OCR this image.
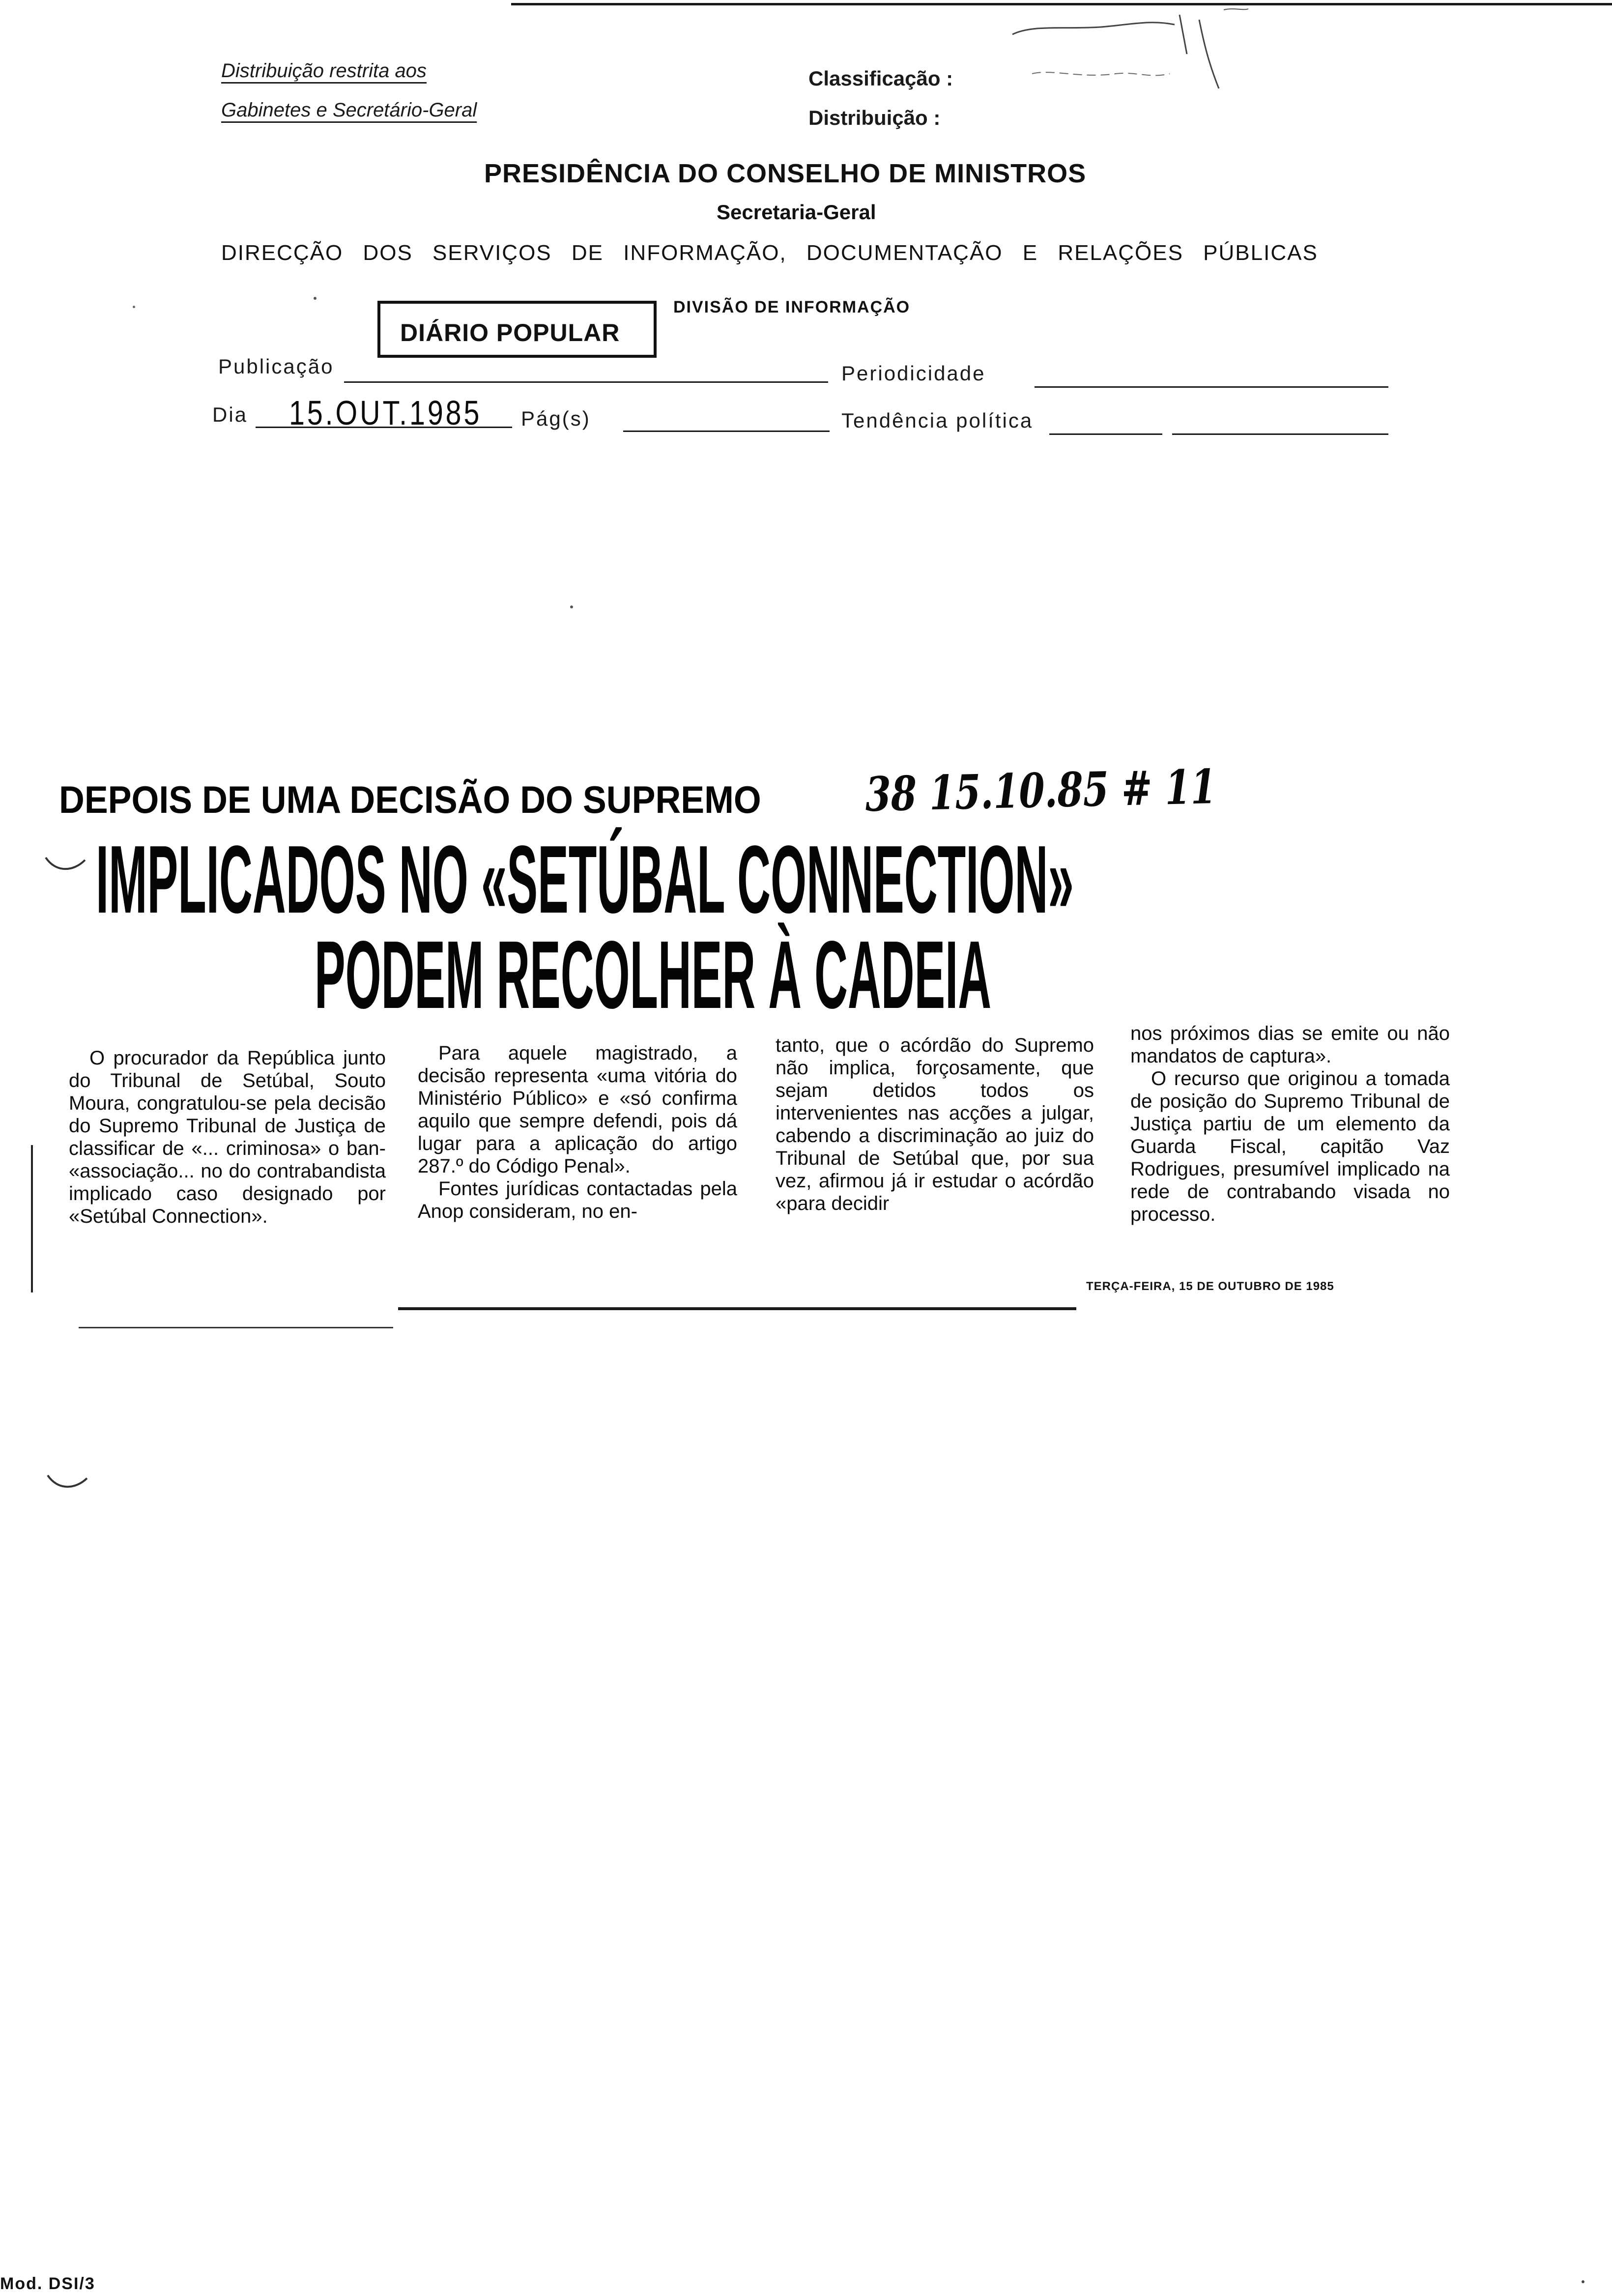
Distribuição restrita aos
Gabinetes e Secretário-Geral
Classificação :
Distribuição :
PRESIDÊNCIA DO CONSELHO DE MINISTROS
Secretaria-Geral
DIRECÇÃO DOS SERVIÇOS DE INFORMAÇÃO, DOCUMENTAÇÃO E RELAÇÕES PÚBLICAS
DIÁRIO POPULAR
DIVISÃO DE INFORMAÇÃO
Publicação	Periodicidade
Dia 15.OUT.1985 Pág(s)	Tendência política
DEPOIS DE UMA DECISÃO DO SUPREMO 38 15.10.85 # 11
IMPLICADOS NO «SETÚBAL CONNECTION»
PODEM RECOLHER À CADEIA

O procurador da República junto do Tribunal de Setúbal, Souto Moura, congratulou-se pela decisão do Supremo Tribunal de Justiça de classificar de «... criminosa» o ban- «associação... no do contrabandista implicado caso designado por «Setúbal Connection».

Para aquele magistrado, a decisão representa «uma vitória do Ministério Público» e «só confirma aquilo que sempre defendi, pois dá lugar para a aplicação do artigo 287.º do Código Penal».

Fontes jurídicas contactadas pela Anop consideram, no en-

tanto, que o acórdão do Supremo não implica, forçosamente, que sejam detidos todos os intervenientes nas acções a julgar, cabendo a discriminação ao juiz do Tribunal de Setúbal que, por sua vez, afirmou já ir estudar o acórdão «para decidir

nos próximos dias se emite ou não mandatos de captura».

O recurso que originou a tomada de posição do Supremo Tribunal de Justiça partiu de um elemento da Guarda Fiscal, capitão Vaz Rodrigues, presumível implicado na rede de contrabando visada no processo.

TERÇA-FEIRA, 15 DE OUTUBRO DE 1985
Mod. DSI/3
